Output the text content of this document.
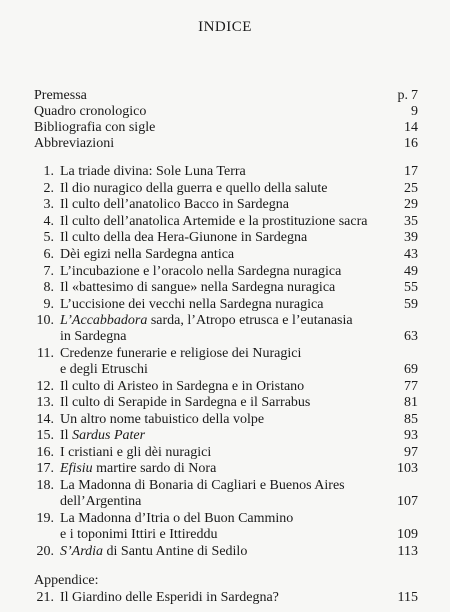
INDICE
Premessa	p. 7
Quadro cronologico	9
Bibliografia con sigle	14
Abbreviazioni	16
1. La triade divina: Sole Luna Terra	17
2. Il dio nuragico della guerra e quello della salute	25
3. Il culto dell’anatolico Bacco in Sardegna	29
4. Il culto dell’anatolica Artemide e la prostituzione sacra	35
5. Il culto della dea Hera-Giunone in Sardegna	39
6. Dèi egizi nella Sardegna antica	43
7. L’incubazione e l’oracolo nella Sardegna nuragica	49
8. Il «battesimo di sangue» nella Sardegna nuragica	55
9. L’uccisione dei vecchi nella Sardegna nuragica	59
10. L’Accabbadora sarda, l’Atropo etrusca e l’eutanasia
in Sardegna	63
11. Credenze funerarie e religiose dei Nuragici
e degli Etruschi	69
12. Il culto di Aristeo in Sardegna e in Oristano	77
13. Il culto di Serapide in Sardegna e il Sarrabus	81
14. Un altro nome tabuistico della volpe	85
15. Il Sardus Pater	93
16. I cristiani e gli dèi nuragici	97
17. Efisiu martire sardo di Nora	103
18. La Madonna di Bonaria di Cagliari e Buenos Aires
dell’Argentina	107
19. La Madonna d’Itria o del Buon Cammino
e i toponimi Ittiri e Ittireddu	109
20. S’Ardia di Santu Antine di Sedilo	113
Appendice:
21. Il Giardino delle Esperidi in Sardegna?	115
